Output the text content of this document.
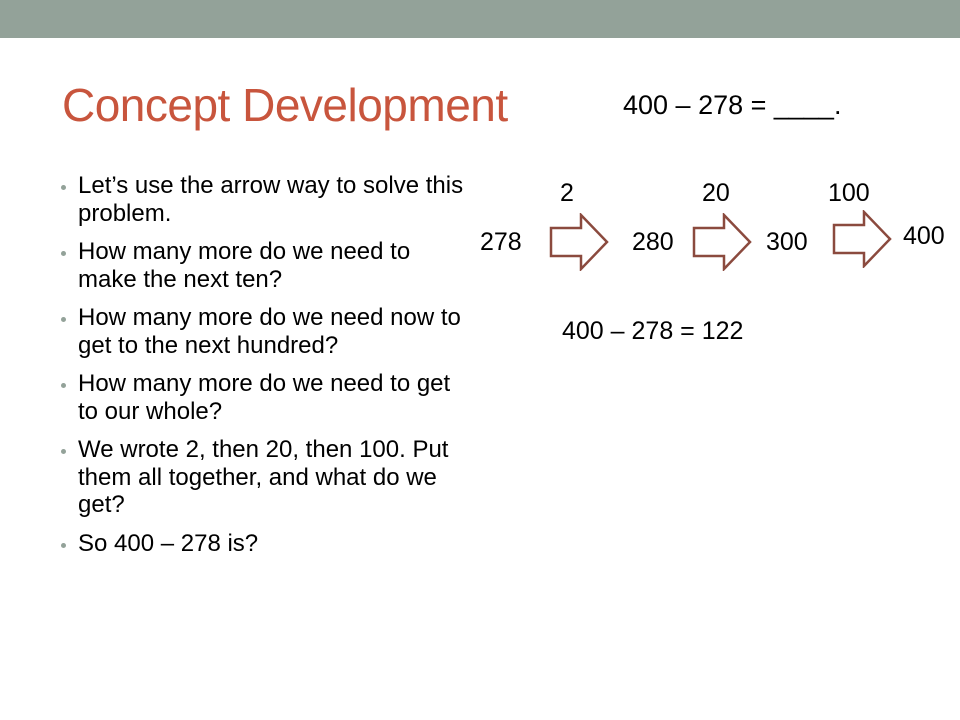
Concept Development	400 – 278 = ____.
Let’s use the arrow way to solve this problem.
How many more do we need to make the next ten?
How many more do we need now to get to the next hundred?
How many more do we need to get to our whole?
We wrote 2, then 20, then 100. Put them all together, and what do we get?
So 400 – 278 is?
2	20	100
278	280	300	400
400 – 278 = 122
